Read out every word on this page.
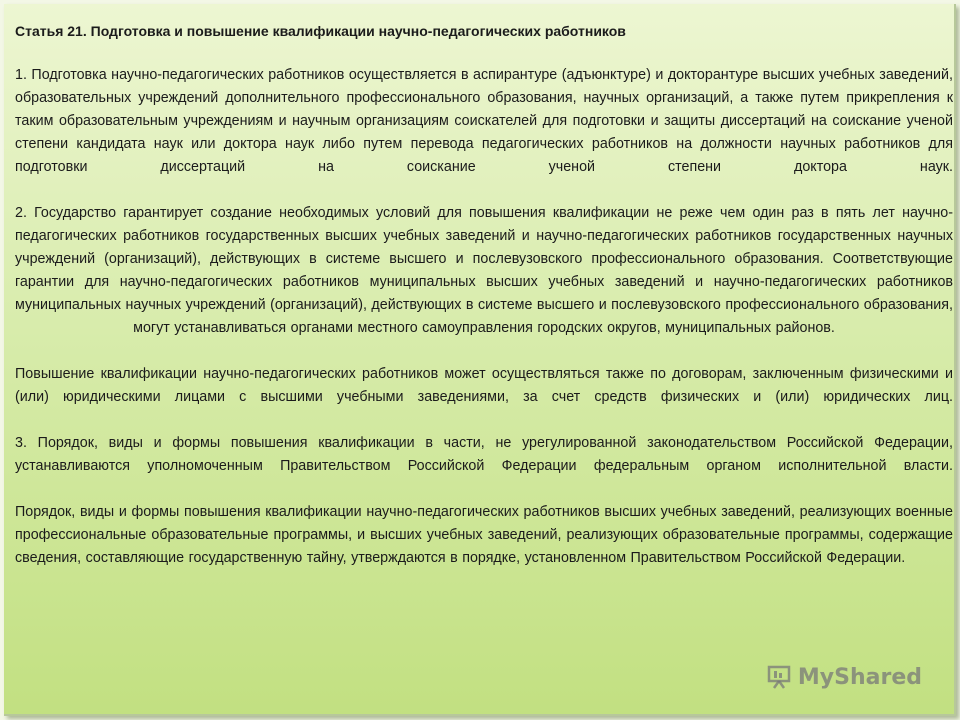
Статья 21. Подготовка и повышение квалификации научно-педагогических работников

1. Подготовка научно-педагогических работников осуществляется в аспирантуре (адъюнктуре) и докторантуре высших учебных заведений, образовательных учреждений дополнительного профессионального образования, научных организаций, а также путем прикрепления к таким образовательным учреждениям и научным организациям соискателей для подготовки и защиты диссертаций на соискание ученой степени кандидата наук или доктора наук либо путем перевода педагогических работников на должности научных работников для подготовки диссертаций на соискание ученой степени доктора наук.

2. Государство гарантирует создание необходимых условий для повышения квалификации не реже чем один раз в пять лет научно-педагогических работников государственных высших учебных заведений и научно-педагогических работников государственных научных учреждений (организаций), действующих в системе высшего и послевузовского профессионального образования. Соответствующие гарантии для научно-педагогических работников муниципальных высших учебных заведений и научно-педагогических работников муниципальных научных учреждений (организаций), действующих в системе высшего и послевузовского профессионального образования, могут устанавливаться органами местного самоуправления городских округов, муниципальных районов.

Повышение квалификации научно-педагогических работников может осуществляться также по договорам, заключенным физическими и (или) юридическими лицами с высшими учебными заведениями, за счет средств физических и (или) юридических лиц.

3. Порядок, виды и формы повышения квалификации в части, не урегулированной законодательством Российской Федерации, устанавливаются уполномоченным Правительством Российской Федерации федеральным органом исполнительной власти.

Порядок, виды и формы повышения квалификации научно-педагогических работников высших учебных заведений, реализующих военные профессиональные образовательные программы, и высших учебных заведений, реализующих образовательные программы, содержащие сведения, составляющие государственную тайну, утверждаются в порядке, установленном Правительством Российской Федерации.

MyShared
